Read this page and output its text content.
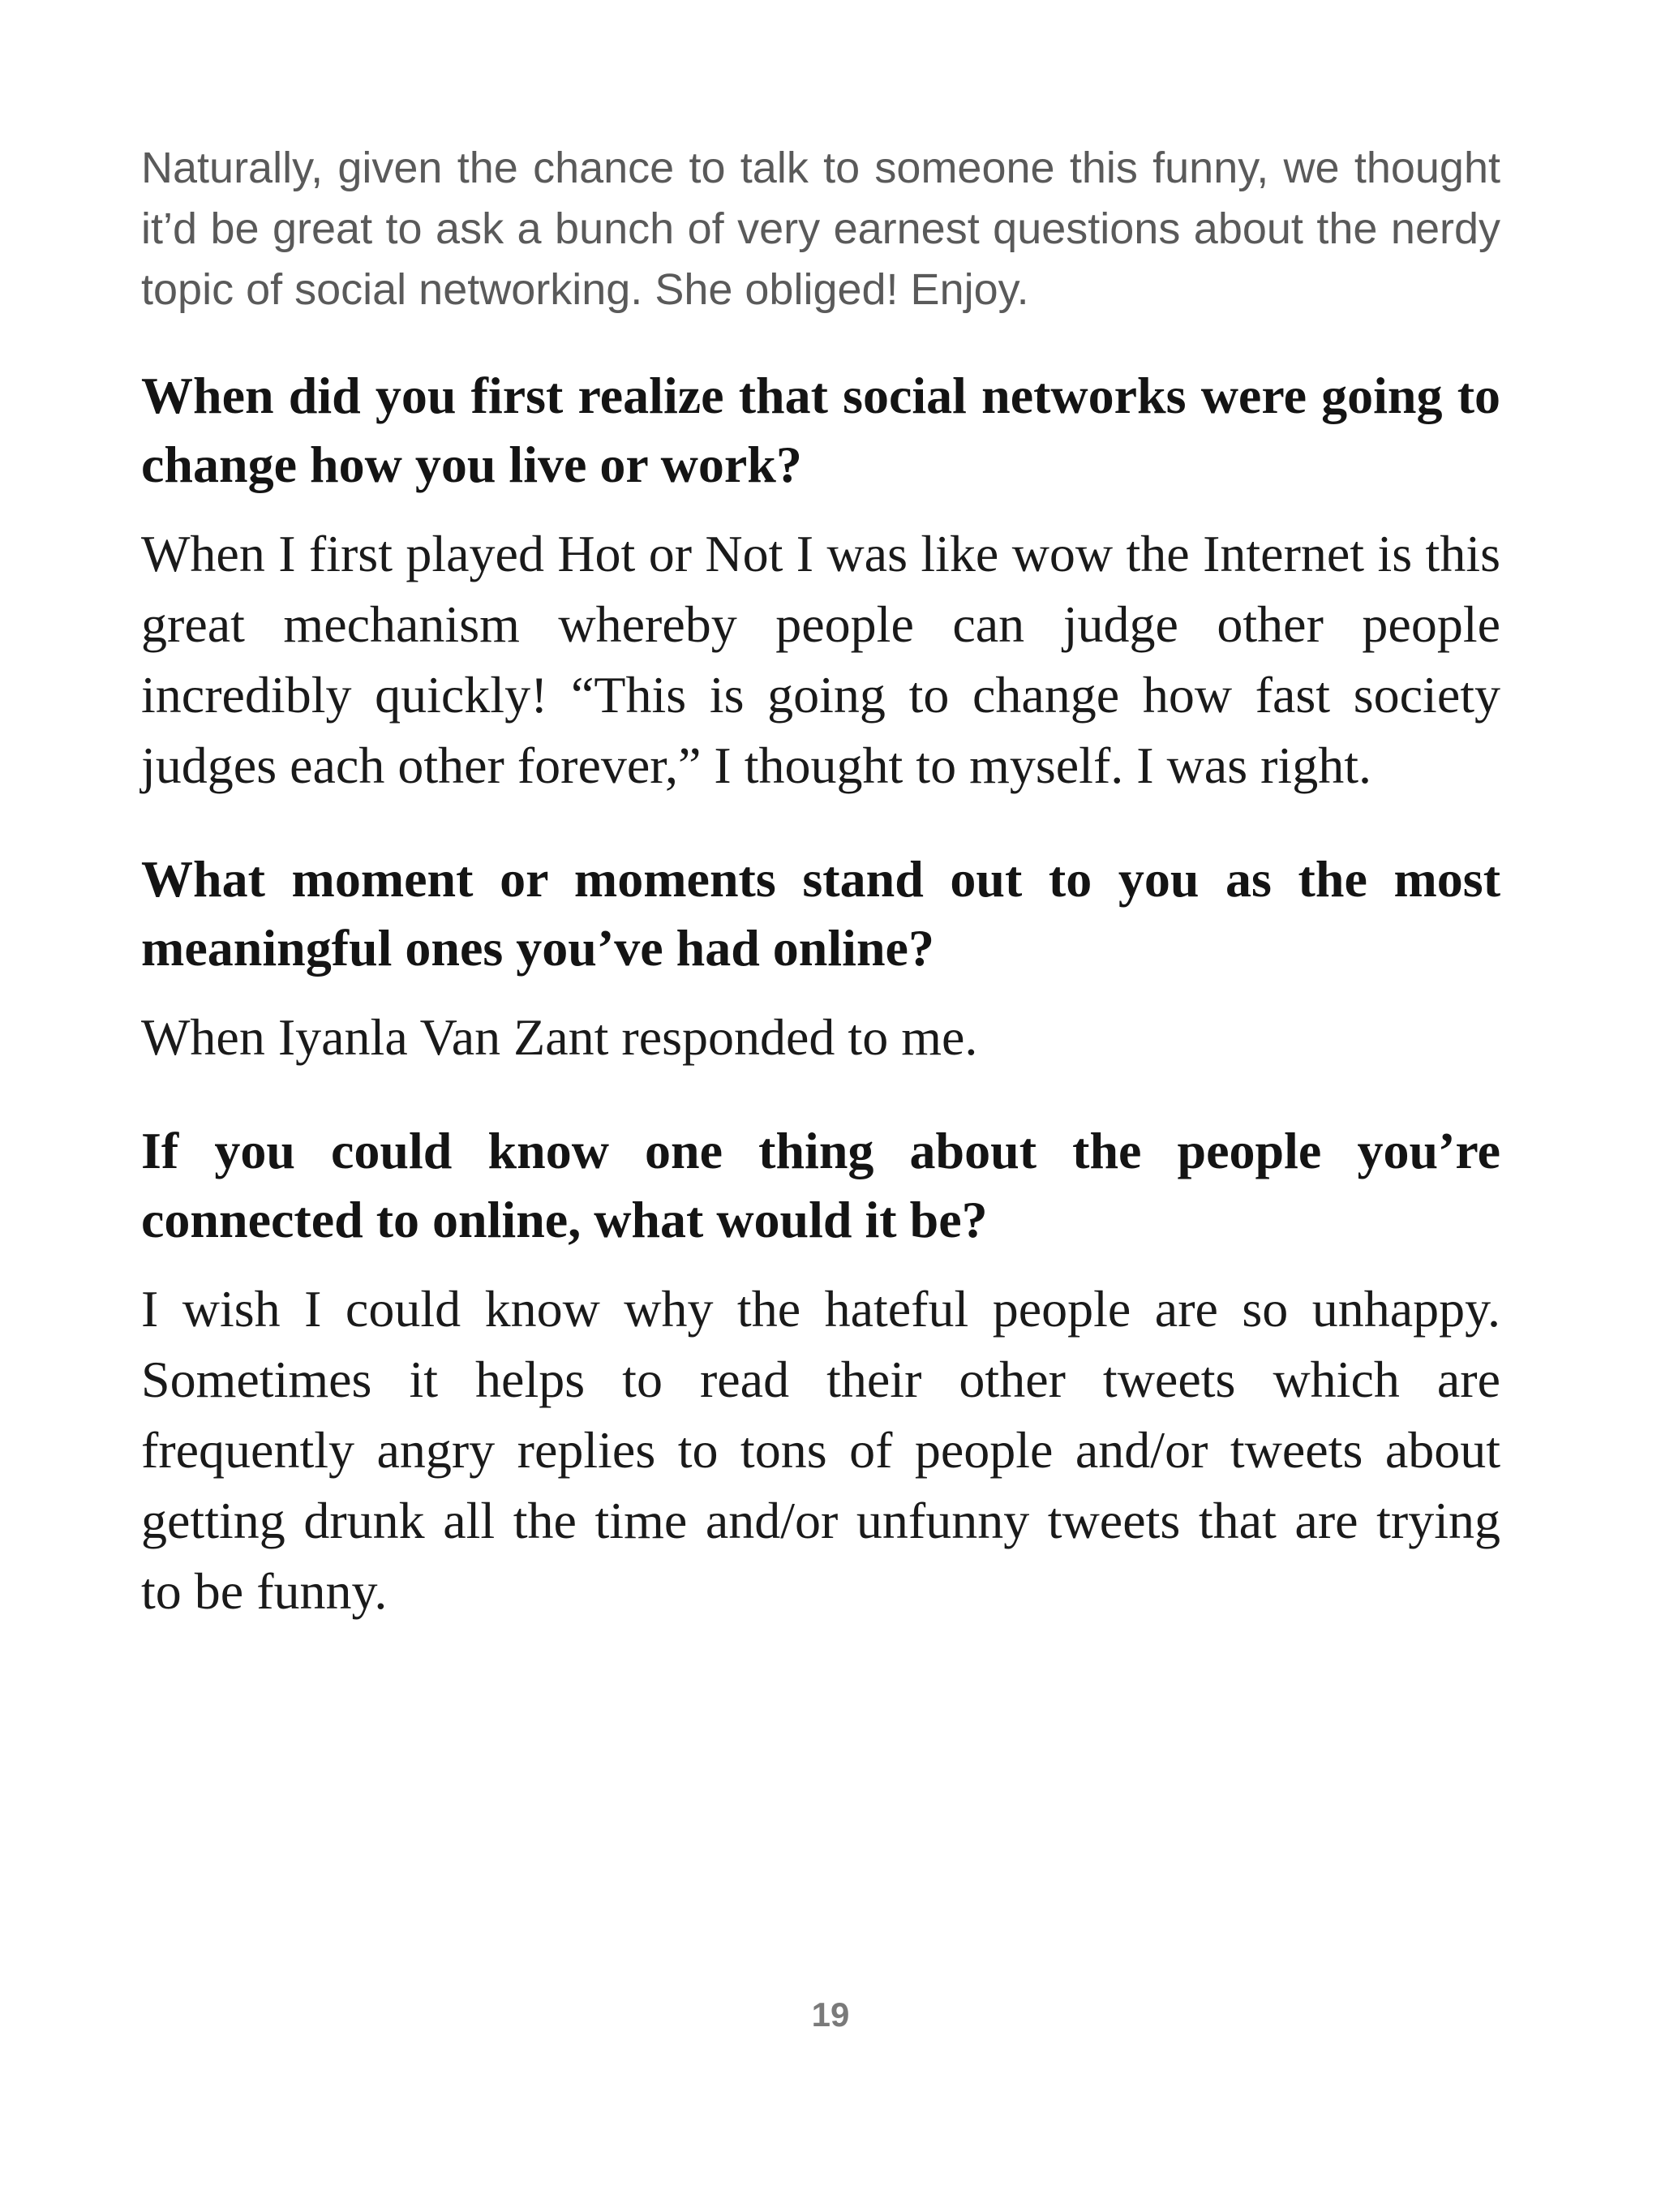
Naturally, given the chance to talk to someone this funny, we thought it’d be great to ask a bunch of very earnest questions about the nerdy topic of social networking. She obliged! Enjoy.

When did you first realize that social networks were going to change how you live or work?

When I first played Hot or Not I was like wow the Internet is this great mechanism whereby people can judge other people incredibly quickly! “This is going to change how fast society judges each other forever,” I thought to myself. I was right.

What moment or moments stand out to you as the most meaningful ones you’ve had online?

When Iyanla Van Zant responded to me.

If you could know one thing about the people you’re connected to online, what would it be?

I wish I could know why the hateful people are so unhappy. Sometimes it helps to read their other tweets which are frequently angry replies to tons of people and/or tweets about getting drunk all the time and/or unfunny tweets that are trying to be funny.

19
